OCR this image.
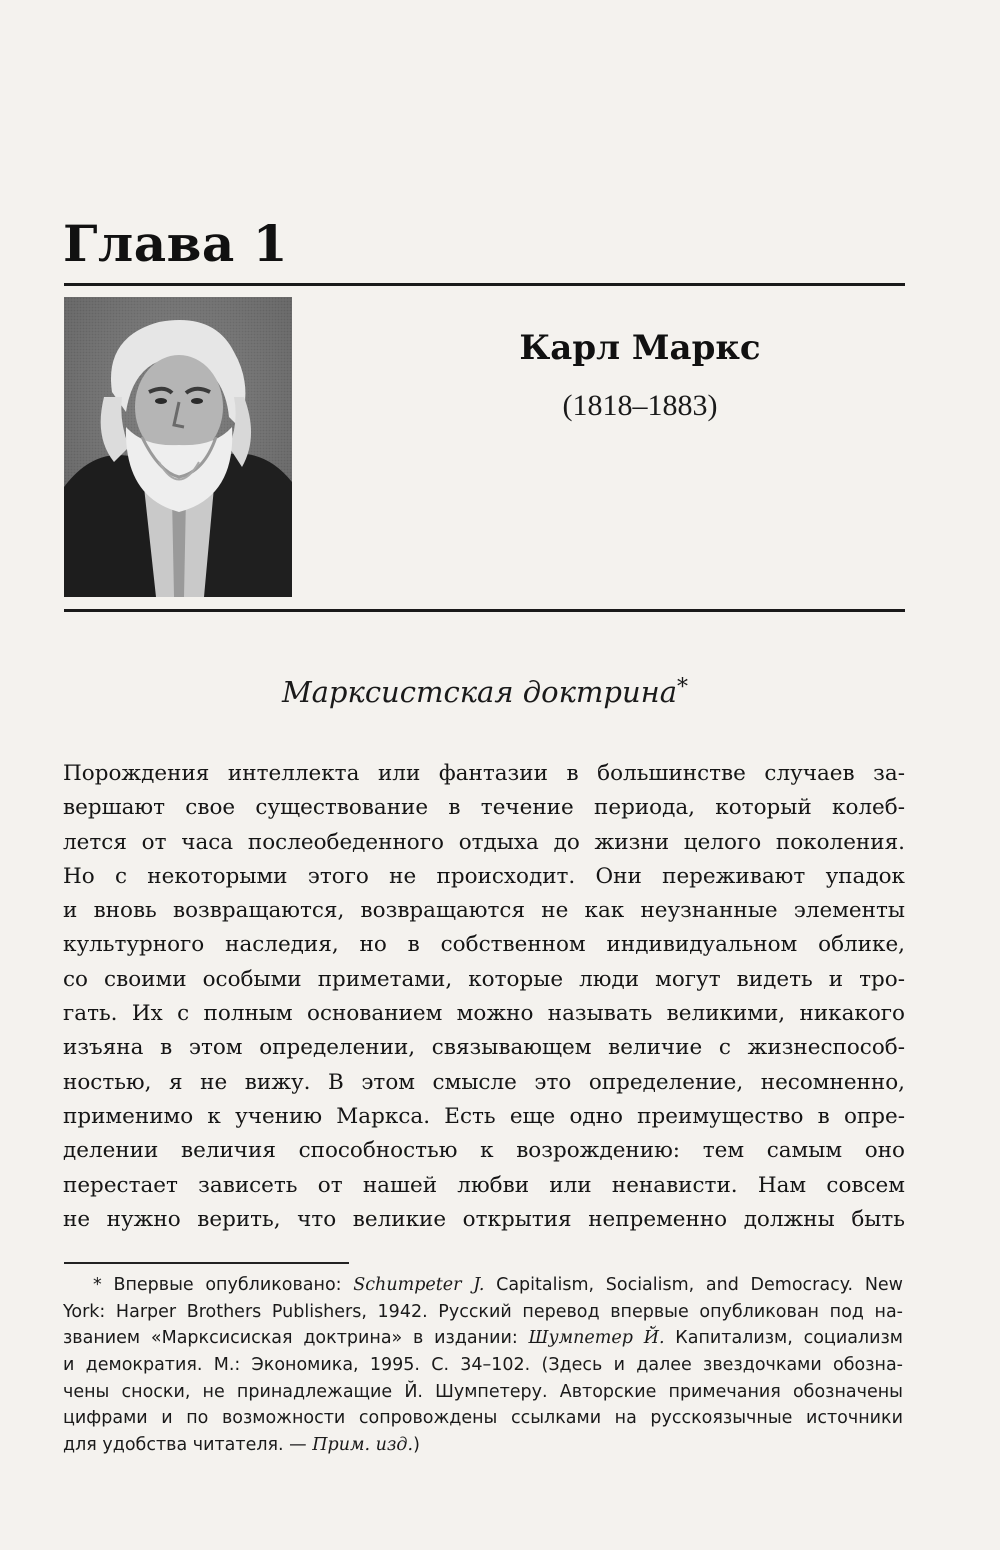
Глава 1
Карл Маркс
(1818–1883)
Марксистская доктрина*
Порождения интеллекта или фантазии в большинстве случаев за-
вершают свое существование в течение периода, который колеб-
лется от часа послеобеденного отдыха до жизни целого поколения.
Но с некоторыми этого не происходит. Они переживают упадок
и вновь возвращаются, возвращаются не как неузнанные элементы
культурного наследия, но в собственном индивидуальном облике,
со своими особыми приметами, которые люди могут видеть и тро-
гать. Их с полным основанием можно называть великими, никакого
изъяна в этом определении, связывающем величие с жизнеспособ-
ностью, я не вижу. В этом смысле это определение, несомненно,
применимо к учению Маркса. Есть еще одно преимущество в опре-
делении величия способностью к возрождению: тем самым оно
перестает зависеть от нашей любви или ненависти. Нам совсем
не нужно верить, что великие открытия непременно должны быть
* Впервые опубликовано: Schumpeter J. Capitalism, Socialism, and Democracy. New
York: Harper Brothers Publishers, 1942. Русский перевод впервые опубликован под на-
званием «Марксисиская доктрина» в издании: Шумпетер Й. Капитализм, социализм
и демократия. М.: Экономика, 1995. С. 34–102. (Здесь и далее звездочками обозна-
чены сноски, не принадлежащие Й. Шумпетеру. Авторские примечания обозначены
цифрами и по возможности сопровождены ссылками на русскоязычные источники
для удобства читателя. — Прим. изд.)
